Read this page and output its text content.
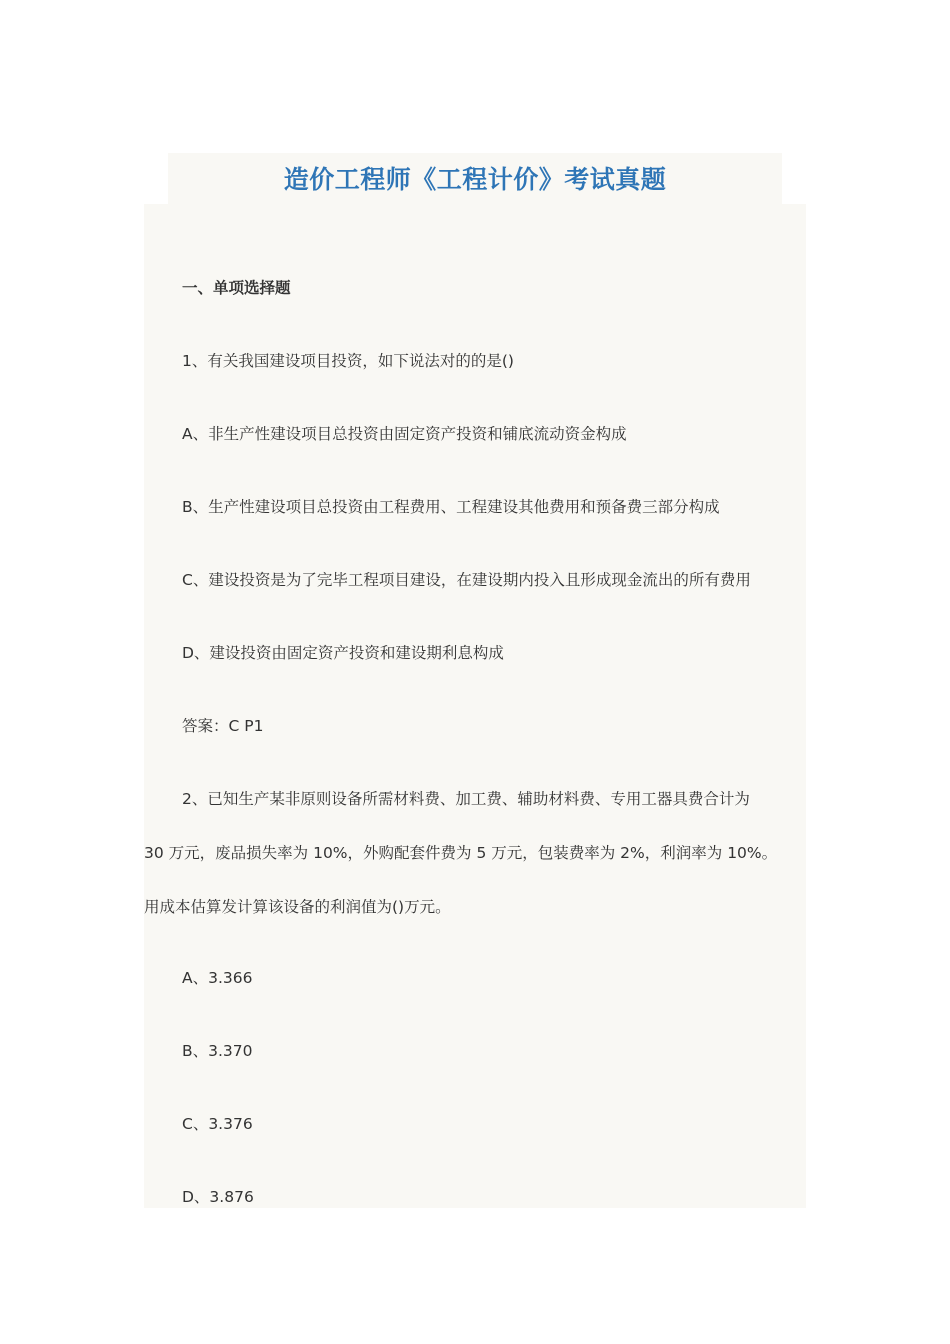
造价工程师《工程计价》考试真题
一、单项选择题
1、有关我国建设项目投资，如下说法对的的是()
A、非生产性建设项目总投资由固定资产投资和铺底流动资金构成
B、生产性建设项目总投资由工程费用、工程建设其他费用和预备费三部分构成
C、建设投资是为了完毕工程项目建设，在建设期内投入且形成现金流出的所有费用
D、建设投资由固定资产投资和建设期利息构成
答案：C P1
2、已知生产某非原则设备所需材料费、加工费、辅助材料费、专用工器具费合计为
30 万元，废品损失率为 10%，外购配套件费为 5 万元，包装费率为 2%，利润率为 10%。
用成本估算发计算该设备的利润值为()万元。
A、3.366
B、3.370
C、3.376
D、3.876
